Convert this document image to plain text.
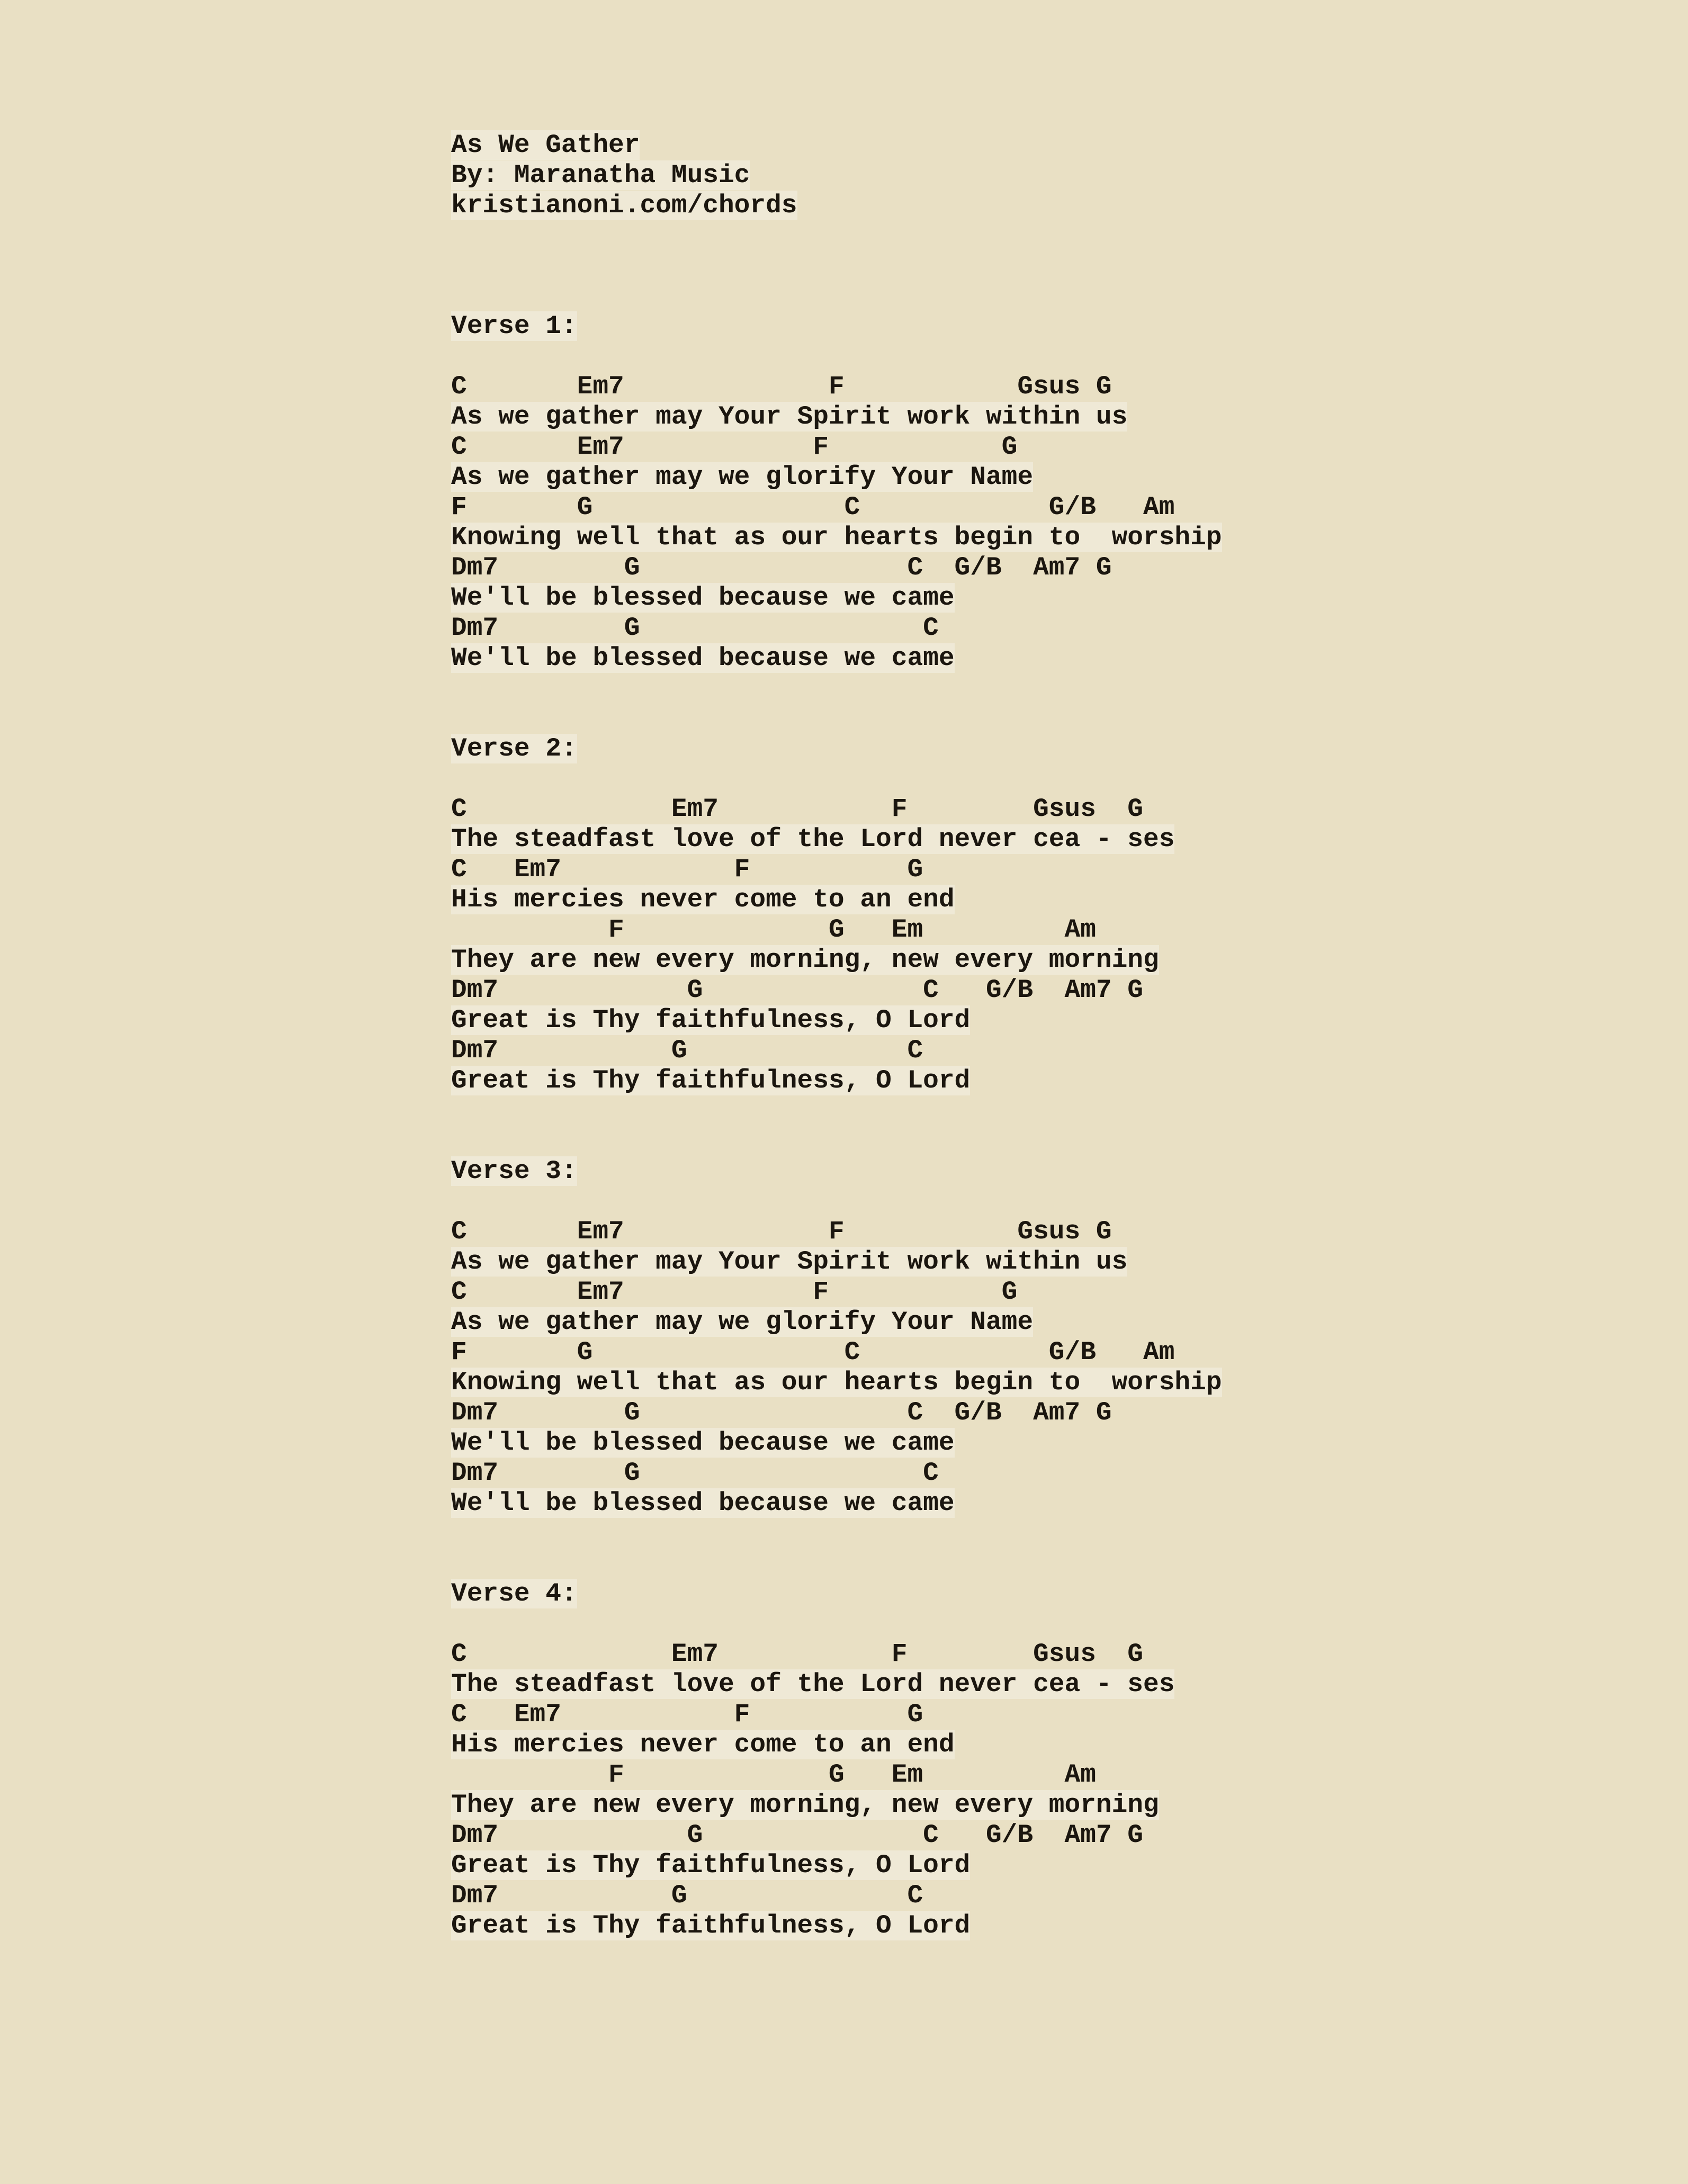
As We Gather
By: Maranatha Music
kristianoni.com/chords
Verse 1:
C       Em7             F           Gsus G
As we gather may Your Spirit work within us
C       Em7            F           G
As we gather may we glorify Your Name
F       G                C            G/B   Am
Knowing well that as our hearts begin to  worship
Dm7        G                 C  G/B  Am7 G
We'll be blessed because we came
Dm7        G                  C
We'll be blessed because we came
Verse 2:
C             Em7           F        Gsus  G
The steadfast love of the Lord never cea - ses
C   Em7           F          G
His mercies never come to an end
F             G   Em         Am
They are new every morning, new every morning
Dm7            G              C   G/B  Am7 G
Great is Thy faithfulness, O Lord
Dm7           G              C
Great is Thy faithfulness, O Lord
Verse 3:
C       Em7             F           Gsus G
As we gather may Your Spirit work within us
C       Em7            F           G
As we gather may we glorify Your Name
F       G                C            G/B   Am
Knowing well that as our hearts begin to  worship
Dm7        G                 C  G/B  Am7 G
We'll be blessed because we came
Dm7        G                  C
We'll be blessed because we came
Verse 4:
C             Em7           F        Gsus  G
The steadfast love of the Lord never cea - ses
C   Em7           F          G
His mercies never come to an end
F             G   Em         Am
They are new every morning, new every morning
Dm7            G              C   G/B  Am7 G
Great is Thy faithfulness, O Lord
Dm7           G              C
Great is Thy faithfulness, O Lord
